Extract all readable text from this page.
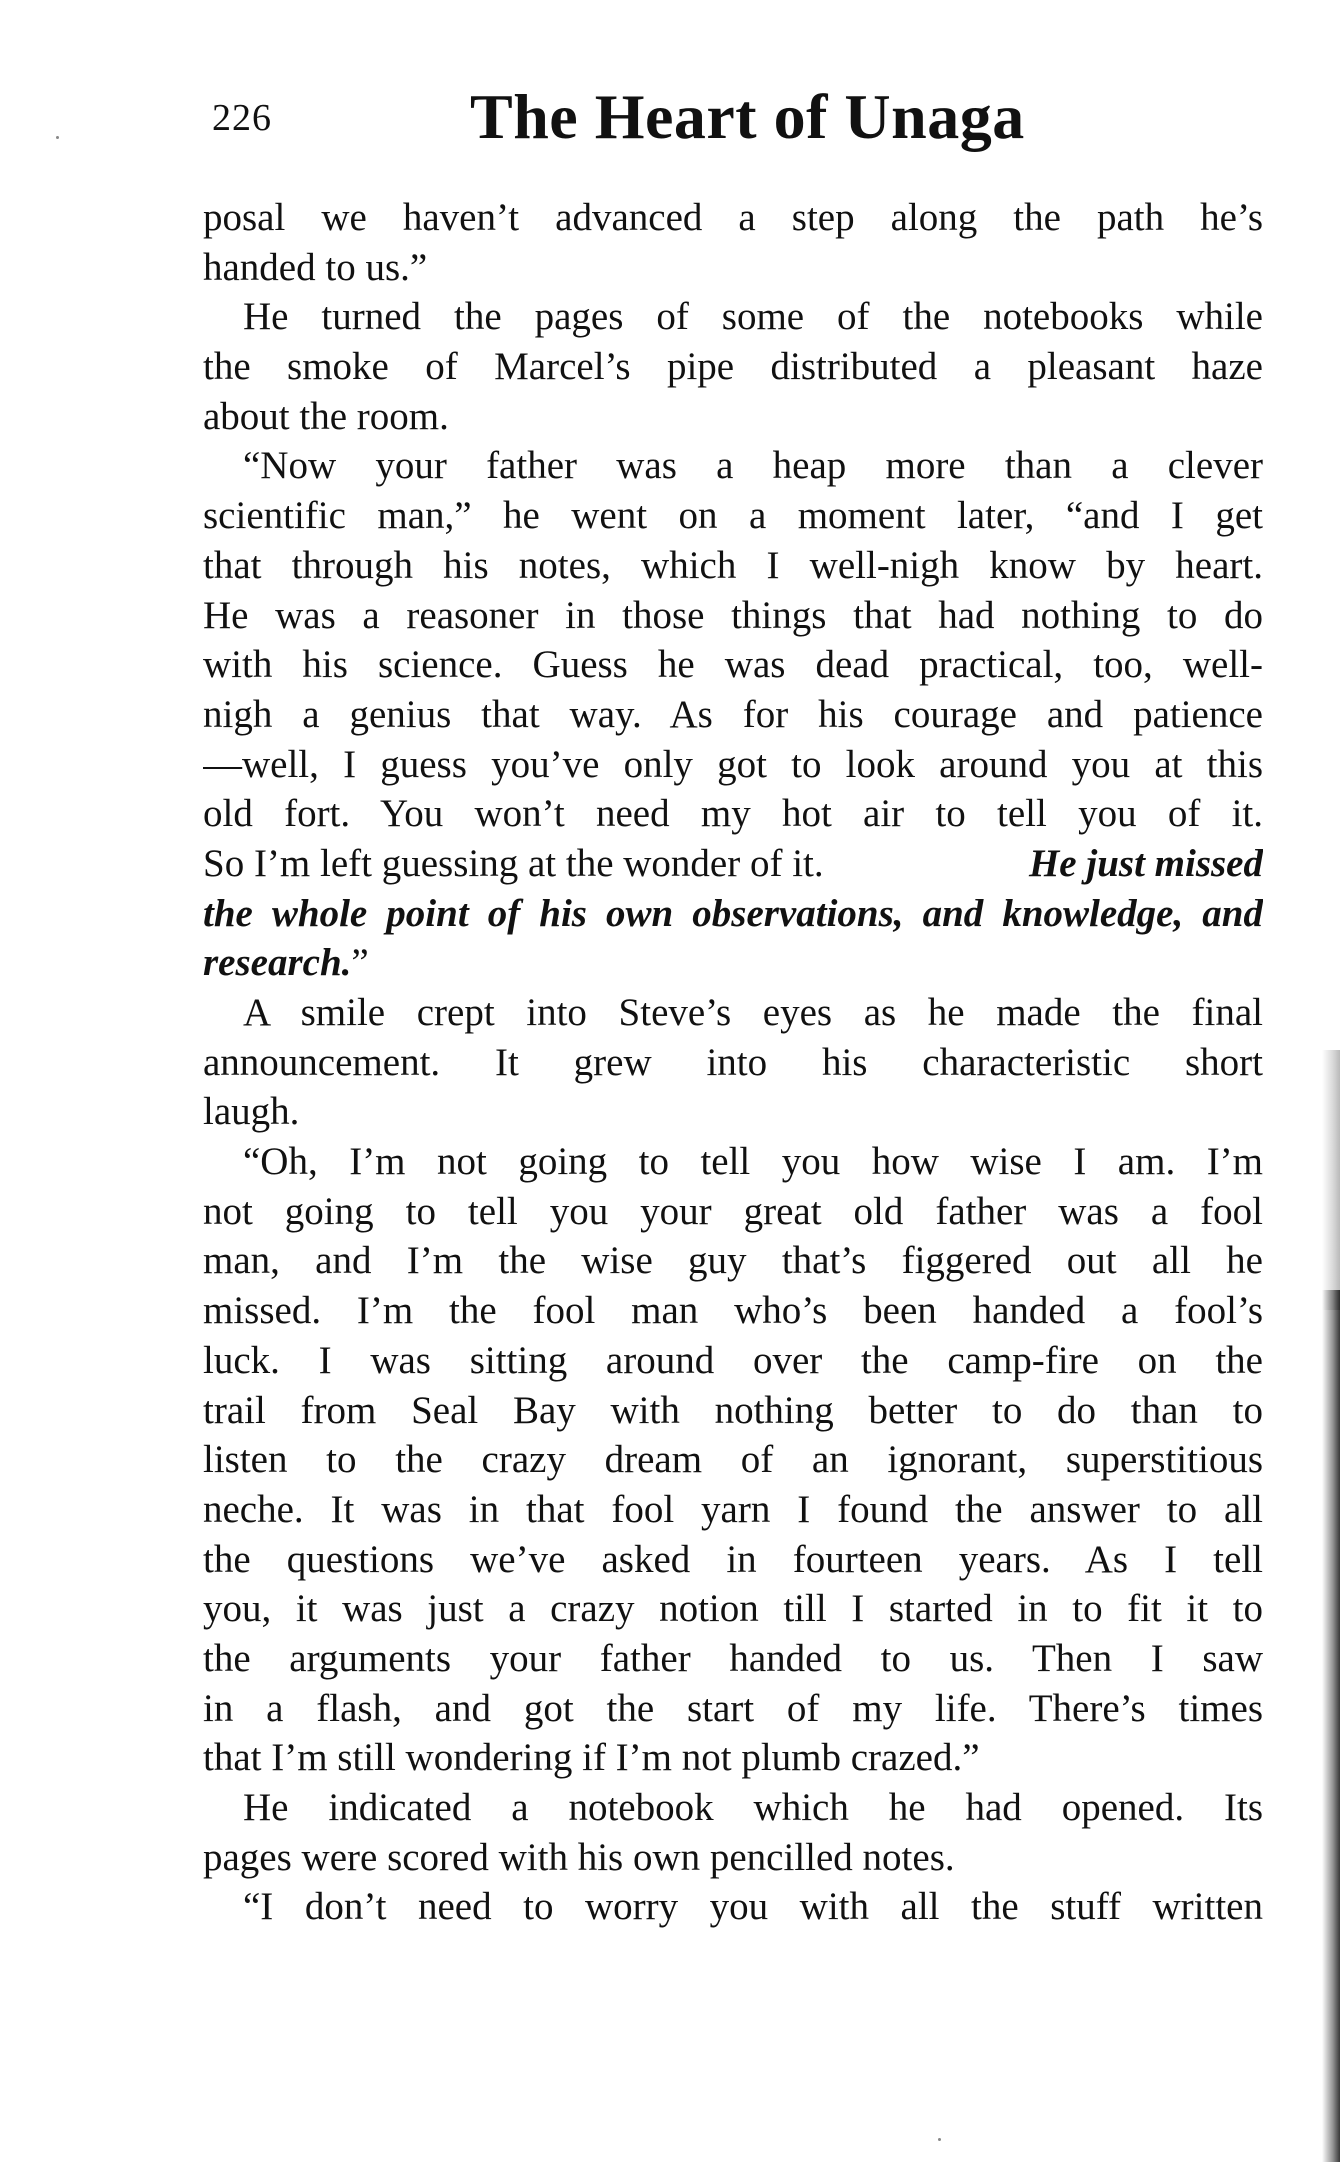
226	The Heart of Unaga
posal we haven’t advanced a step along the path he’s
handed to us.”
He turned the pages of some of the notebooks while
the smoke of Marcel’s pipe distributed a pleasant haze
about the room.
“Now your father was a heap more than a clever
scientific man,” he went on a moment later, “and I get
that through his notes, which I well-nigh know by heart.
He was a reasoner in those things that had nothing to do
with his science. Guess he was dead practical, too, well-
nigh a genius that way. As for his courage and patience
—well, I guess you’ve only got to look around you at this
old fort. You won’t need my hot air to tell you of it.
So I’m left guessing at the wonder of it.	He just missed
the whole point of his own observations, and knowledge, and
research.”
A smile crept into Steve’s eyes as he made the final
announcement. It grew into his characteristic short
laugh.
“Oh, I’m not going to tell you how wise I am. I’m
not going to tell you your great old father was a fool
man, and I’m the wise guy that’s figgered out all he
missed. I’m the fool man who’s been handed a fool’s
luck. I was sitting around over the camp-fire on the
trail from Seal Bay with nothing better to do than to
listen to the crazy dream of an ignorant, superstitious
neche. It was in that fool yarn I found the answer to all
the questions we’ve asked in fourteen years. As I tell
you, it was just a crazy notion till I started in to fit it to
the arguments your father handed to us. Then I saw
in a flash, and got the start of my life. There’s times
that I’m still wondering if I’m not plumb crazed.”
He indicated a notebook which he had opened. Its
pages were scored with his own pencilled notes.
“I don’t need to worry you with all the stuff written
